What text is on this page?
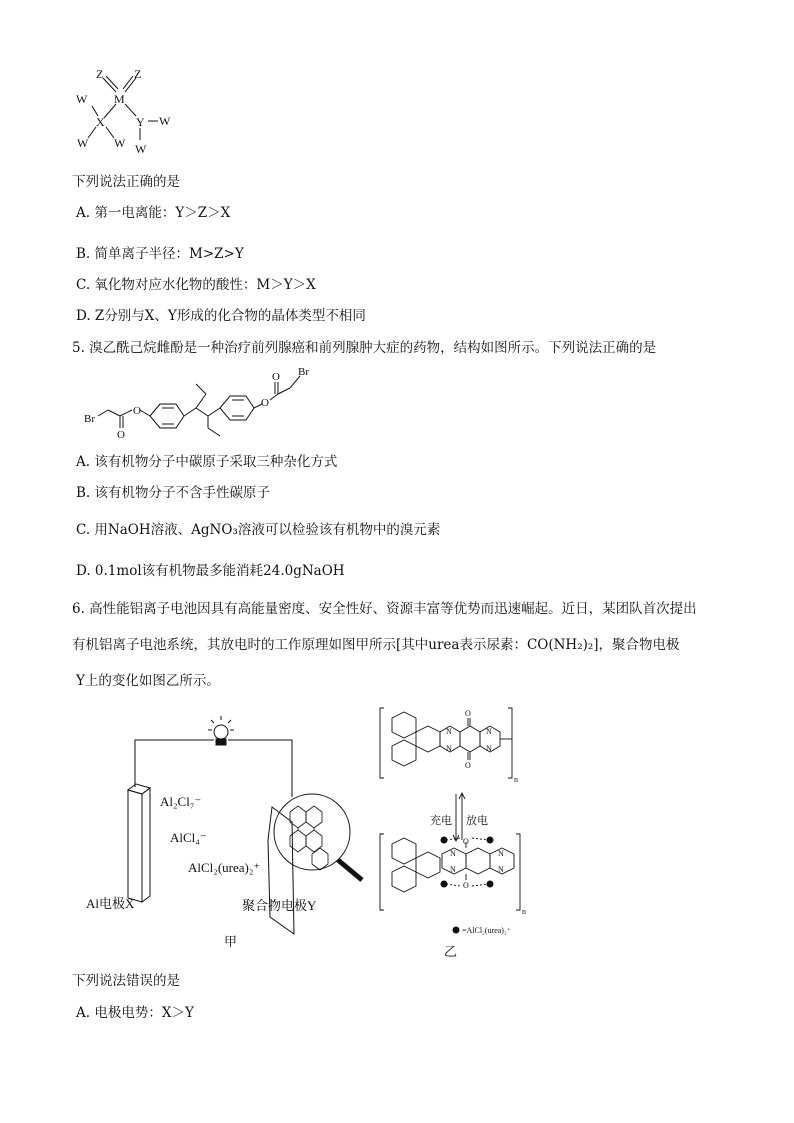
Z	Z
M
W
X	Y W
W W W
下列说法正确的是
A. 第一电离能：Y＞Z＞X
B. 简单离子半径：M>Z>Y
C. 氧化物对应水化物的酸性：M＞Y＞X
D. Z分别与X、Y形成的化合物的晶体类型不相同
5. 溴乙酰己烷雌酚是一种治疗前列腺癌和前列腺肿大症的药物，结构如图所示。下列说法正确的是
Br
O
O
O
O Br
A. 该有机物分子中碳原子采取三种杂化方式
B. 该有机物分子不含手性碳原子
C. 用NaOH溶液、AgNO₃溶液可以检验该有机物中的溴元素
D. 0.1mol该有机物最多能消耗24.0gNaOH
6. 高性能铝离子电池因具有高能量密度、安全性好、资源丰富等优势而迅速崛起。近日，某团队首次提出
有机铝离子电池系统，其放电时的工作原理如图甲所示[其中urea表示尿素：CO(NH₂)₂]，聚合物电极
Y上的变化如图乙所示。
Al₂Cl₇⁻
AlCl₄⁻
AlCl₂(urea)₂⁺
Al电极X	聚合物电极Y
甲
O
N
N
N
N
O
O
N
N
N
N
O
n
n
充电 放电
=AlCl₂(urea)₂⁺
乙
下列说法错误的是
A. 电极电势：X＞Y
